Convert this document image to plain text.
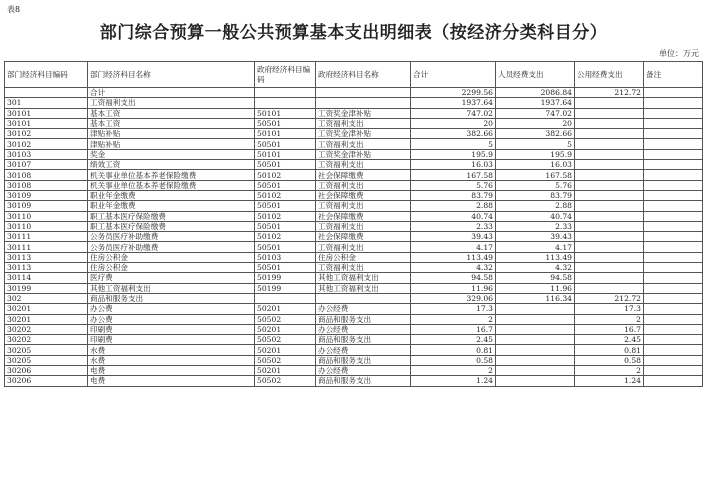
表8
部门综合预算一般公共预算基本支出明细表（按经济分类科目分）
单位：万元
部门经济科目编码	部门经济科目名称	政府经济科目编码	政府经济科目名称	合计	人员经费支出	公用经费支出	备注
	合计			2299.56	2086.84	212.72	
301	工资福利支出			1937.64	1937.64		
30101	基本工资	50101	工资奖金津补贴	747.02	747.02		
30101	基本工资	50501	工资福利支出	20	20		
30102	津贴补贴	50101	工资奖金津补贴	382.66	382.66		
30102	津贴补贴	50501	工资福利支出	5	5		
30103	奖金	50101	工资奖金津补贴	195.9	195.9		
30107	绩效工资	50501	工资福利支出	16.03	16.03		
30108	机关事业单位基本养老保险缴费	50102	社会保障缴费	167.58	167.58		
30108	机关事业单位基本养老保险缴费	50501	工资福利支出	5.76	5.76		
30109	职业年金缴费	50102	社会保障缴费	83.79	83.79		
30109	职业年金缴费	50501	工资福利支出	2.88	2.88		
30110	职工基本医疗保险缴费	50102	社会保障缴费	40.74	40.74		
30110	职工基本医疗保险缴费	50501	工资福利支出	2.33	2.33		
30111	公务员医疗补助缴费	50102	社会保障缴费	39.43	39.43		
30111	公务员医疗补助缴费	50501	工资福利支出	4.17	4.17		
30113	住房公积金	50103	住房公积金	113.49	113.49		
30113	住房公积金	50501	工资福利支出	4.32	4.32		
30114	医疗费	50199	其他工资福利支出	94.58	94.58		
30199	其他工资福利支出	50199	其他工资福利支出	11.96	11.96		
302	商品和服务支出			329.06	116.34	212.72	
30201	办公费	50201	办公经费	17.3		17.3	
30201	办公费	50502	商品和服务支出	2		2	
30202	印刷费	50201	办公经费	16.7		16.7	
30202	印刷费	50502	商品和服务支出	2.45		2.45	
30205	水费	50201	办公经费	0.81		0.81	
30205	水费	50502	商品和服务支出	0.58		0.58	
30206	电费	50201	办公经费	2		2	
30206	电费	50502	商品和服务支出	1.24		1.24	
